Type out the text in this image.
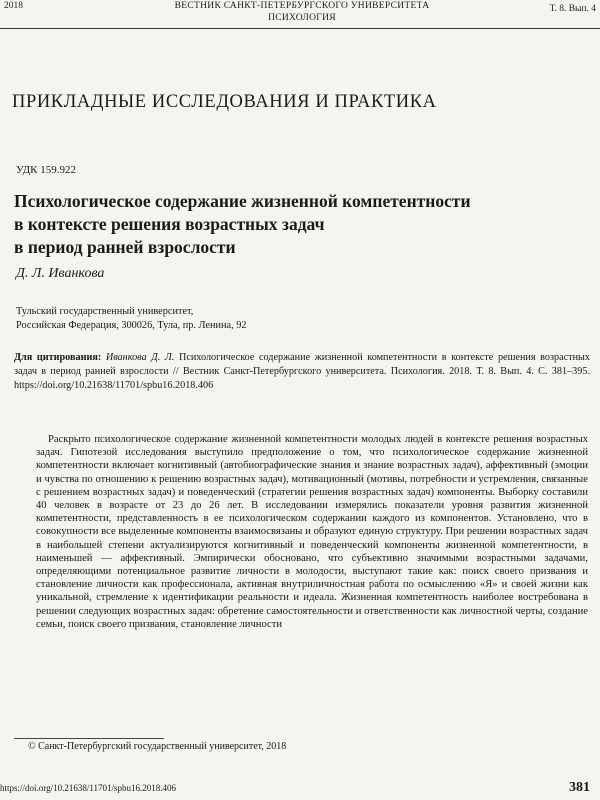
2018	ВЕСТНИК САНКТ-ПЕТЕРБУРГСКОГО УНИВЕРСИТЕТА
ПСИХОЛОГИЯ
Т. 8. Вып. 4
ПРИКЛАДНЫЕ ИССЛЕДОВАНИЯ И ПРАКТИКА
УДК 159.922
Психологическое содержание жизненной компетентности
в контексте решения возрастных задач
в период ранней взрослости
Д. Л. Иванкова
Тульский государственный университет,
Российская Федерация, 300026, Тула, пр. Ленина, 92
Для цитирования: Иванкова Д. Л. Психологическое содержание жизненной компетентности в контексте решения возрастных задач в период ранней взрослости // Вестник Санкт-Петербургского университета. Психология. 2018. Т. 8. Вып. 4. С. 381–395. https://doi.org/10.21638/11701/spbu16.2018.406

Раскрыто психологическое содержание жизненной компетентности молодых людей в контексте решения возрастных задач. Гипотезой исследования выступило предположение о том, что психологическое содержание жизненной компетентности включает когнитивный (автобиографические знания и знание возрастных задач), аффективный (эмоции и чувства по отношению к решению возрастных задач), мотивационный (мотивы, потребности и устремления, связанные с решением возрастных задач) и поведенческий (стратегии решения возрастных задач) компоненты. Выборку составили 40 человек в возрасте от 23 до 26 лет. В исследовании измерялись показатели уровня развития жизненной компетентности, представленность в ее психологическом содержании каждого из компонентов. Установлено, что в совокупности все выделенные компоненты взаимосвязаны и образуют единую структуру. При решении возрастных задач в наибольшей степени актуализируются когнитивный и поведенческий компоненты жизненной компетентности, в наименьшей — аффективный. Эмпирически обосновано, что субъективно значимыми возрастными задачами, определяющими потенциальное развитие личности в молодости, выступают такие как: поиск своего призвания и становление личности как профессионала, активная внутриличностная работа по осмыслению «Я» и своей жизни как уникальной, стремление к идентификации реальности и идеала. Жизненная компетентность наиболее востребована в решении следующих возрастных задач: обретение самостоятельности и ответственности как личностной черты, создание семьи, поиск своего призвания, становление личности

© Санкт-Петербургский государственный университет, 2018
https://doi.org/10.21638/11701/spbu16.2018.406	381
